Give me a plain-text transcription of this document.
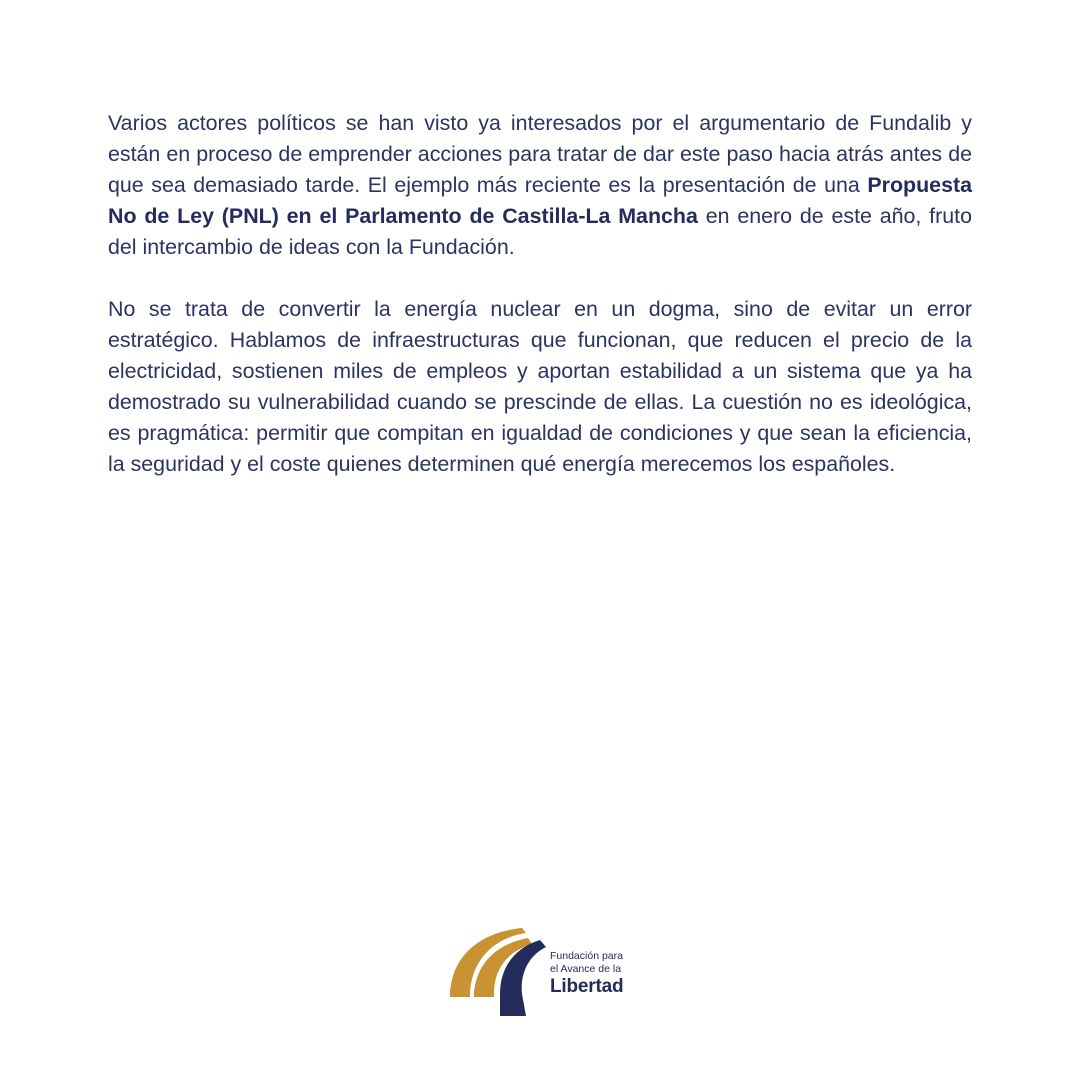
Varios actores políticos se han visto ya interesados por el argumentario de Fundalib y están en proceso de emprender acciones para tratar de dar este paso hacia atrás antes de que sea demasiado tarde. El ejemplo más reciente es la presentación de una Propuesta No de Ley (PNL) en el Parlamento de Castilla-La Mancha en enero de este año, fruto del intercambio de ideas con la Fundación.

No se trata de convertir la energía nuclear en un dogma, sino de evitar un error estratégico. Hablamos de infraestructuras que funcionan, que reducen el precio de la electricidad, sostienen miles de empleos y aportan estabilidad a un sistema que ya ha demostrado su vulnerabilidad cuando se prescinde de ellas. La cuestión no es ideológica, es pragmática: permitir que compitan en igualdad de condiciones y que sean la eficiencia, la seguridad y el coste quienes determinen qué energía merecemos los españoles.

Fundación para
el Avance de la
Libertad
